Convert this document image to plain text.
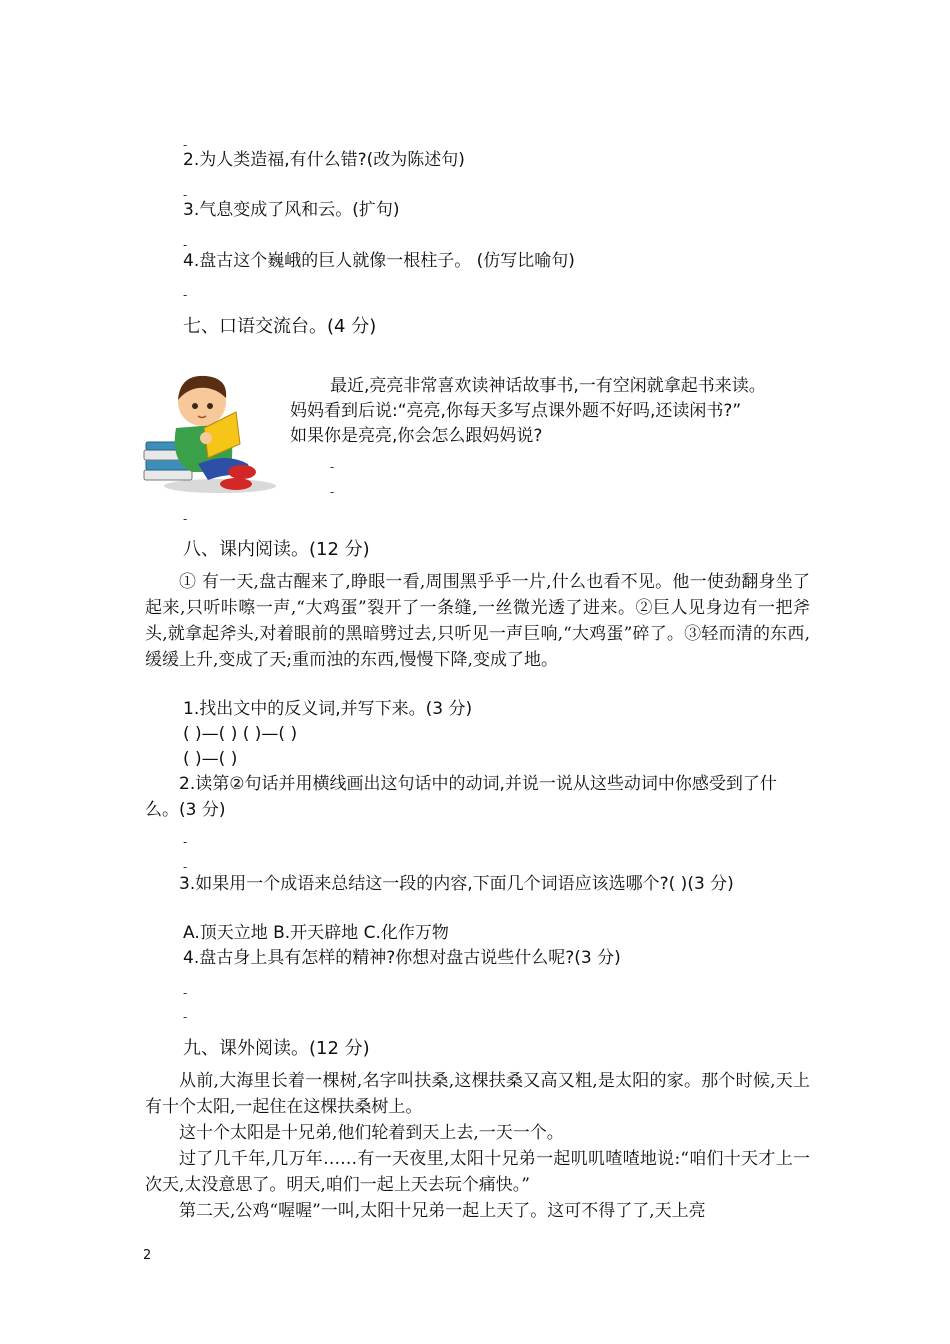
-
2.为人类造福,有什么错?(改为陈述句)
-
3.气息变成了风和云。(扩句)
-
4.盘古这个巍峨的巨人就像一根柱子。 (仿写比喻句)
-
七、口语交流台。(4 分)
最近,亮亮非常喜欢读神话故事书,一有空闲就拿起书来读。
妈妈看到后说:“亮亮,你每天多写点课外题不好吗,还读闲书?”
如果你是亮亮,你会怎么跟妈妈说?
-
-
-
八、课内阅读。(12 分)

① 有一天,盘古醒来了,睁眼一看,周围黑乎乎一片,什么也看不见。他一使劲翻身坐了起来,只听咔嚓一声,“大鸡蛋”裂开了一条缝,一丝微光透了进来。②巨人见身边有一把斧头,就拿起斧头,对着眼前的黑暗劈过去,只听见一声巨响,“大鸡蛋”碎了。③轻而清的东西,缓缓上升,变成了天;重而浊的东西,慢慢下降,变成了地。

1.找出文中的反义词,并写下来。(3 分)
( )—( ) ( )—( )
( )—( )

2.读第②句话并用横线画出这句话中的动词,并说一说从这些动词中你感受到了什么。(3 分)

-
-

3.如果用一个成语来总结这一段的内容,下面几个词语应该选哪个?( )(3 分)

A.顶天立地 B.开天辟地 C.化作万物
4.盘古身上具有怎样的精神?你想对盘古说些什么呢?(3 分)
-
-
九、课外阅读。(12 分)

从前,大海里长着一棵树,名字叫扶桑,这棵扶桑又高又粗,是太阳的家。那个时候,天上有十个太阳,一起住在这棵扶桑树上。

这十个太阳是十兄弟,他们轮着到天上去,一天一个。

过了几千年,几万年……有一天夜里,太阳十兄弟一起叽叽喳喳地说:“咱们十天才上一次天,太没意思了。明天,咱们一起上天去玩个痛快。”

第二天,公鸡“喔喔”一叫,太阳十兄弟一起上天了。这可不得了了,天上亮

2
